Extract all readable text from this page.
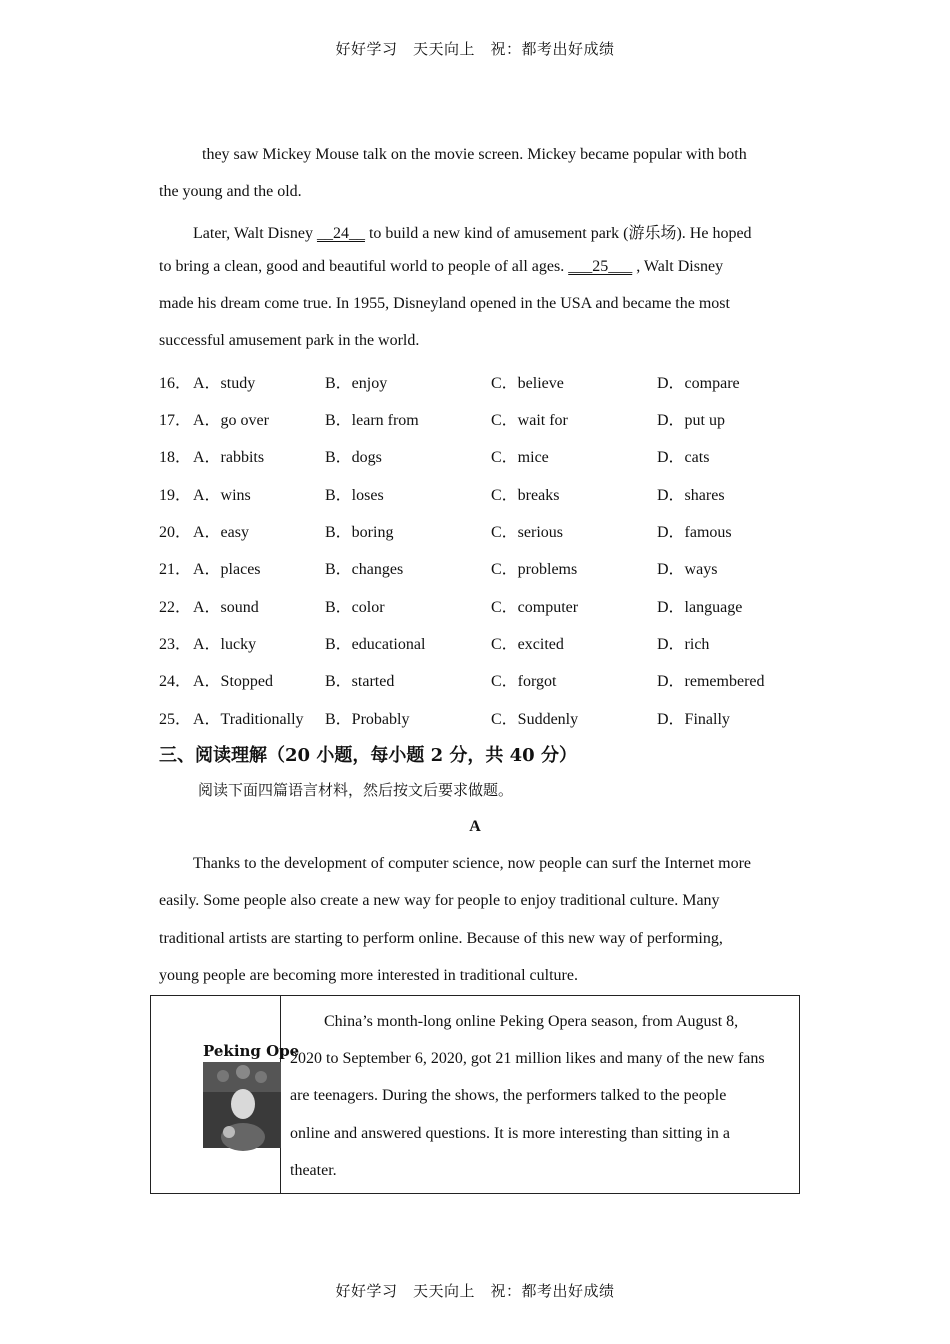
好好学习　天天向上　祝：都考出好成绩
they saw Mickey Mouse talk on the movie screen. Mickey became popular with both
the young and the old.
Later, Walt Disney __24__ to build a new kind of amusement park (游乐场). He hoped
to bring a clean, good and beautiful world to people of all ages. ___25___ , Walt Disney
made his dream come true. In 1955, Disneyland opened in the USA and became the most
successful amusement park in the world.
16． A．study	B．enjoy	C．believe	D．compare
17． A．go over	B．learn from	C．wait for	D．put up
18． A．rabbits	B．dogs	C．mice	D．cats
19． A．wins	B．loses	C．breaks	D．shares
20． A．easy	B．boring	C．serious	D．famous
21． A．places	B．changes	C．problems	D．ways
22． A．sound	B．color	C．computer	D．language
23． A．lucky	B．educational	C．excited	D．rich
24． A．Stopped	B．started	C．forgot	D．remembered
25． A．Traditionally B．Probably	C．Suddenly	D．Finally
三、阅读理解（20 小题，每小题 2 分，共 40 分）
阅读下面四篇语言材料，然后按文后要求做题。
A
Thanks to the development of computer science, now people can surf the Internet more
easily. Some people also create a new way for people to enjoy traditional culture. Many
traditional artists are starting to perform online. Because of this new way of performing,
young people are becoming more interested in traditional culture.
Peking Ope
China’s month-long online Peking Opera season, from August 8,
2020 to September 6, 2020, got 21 million likes and many of the new fans
are teenagers. During the shows, the performers talked to the people
online and answered questions. It is more interesting than sitting in a
theater.
好好学习　天天向上　祝：都考出好成绩
